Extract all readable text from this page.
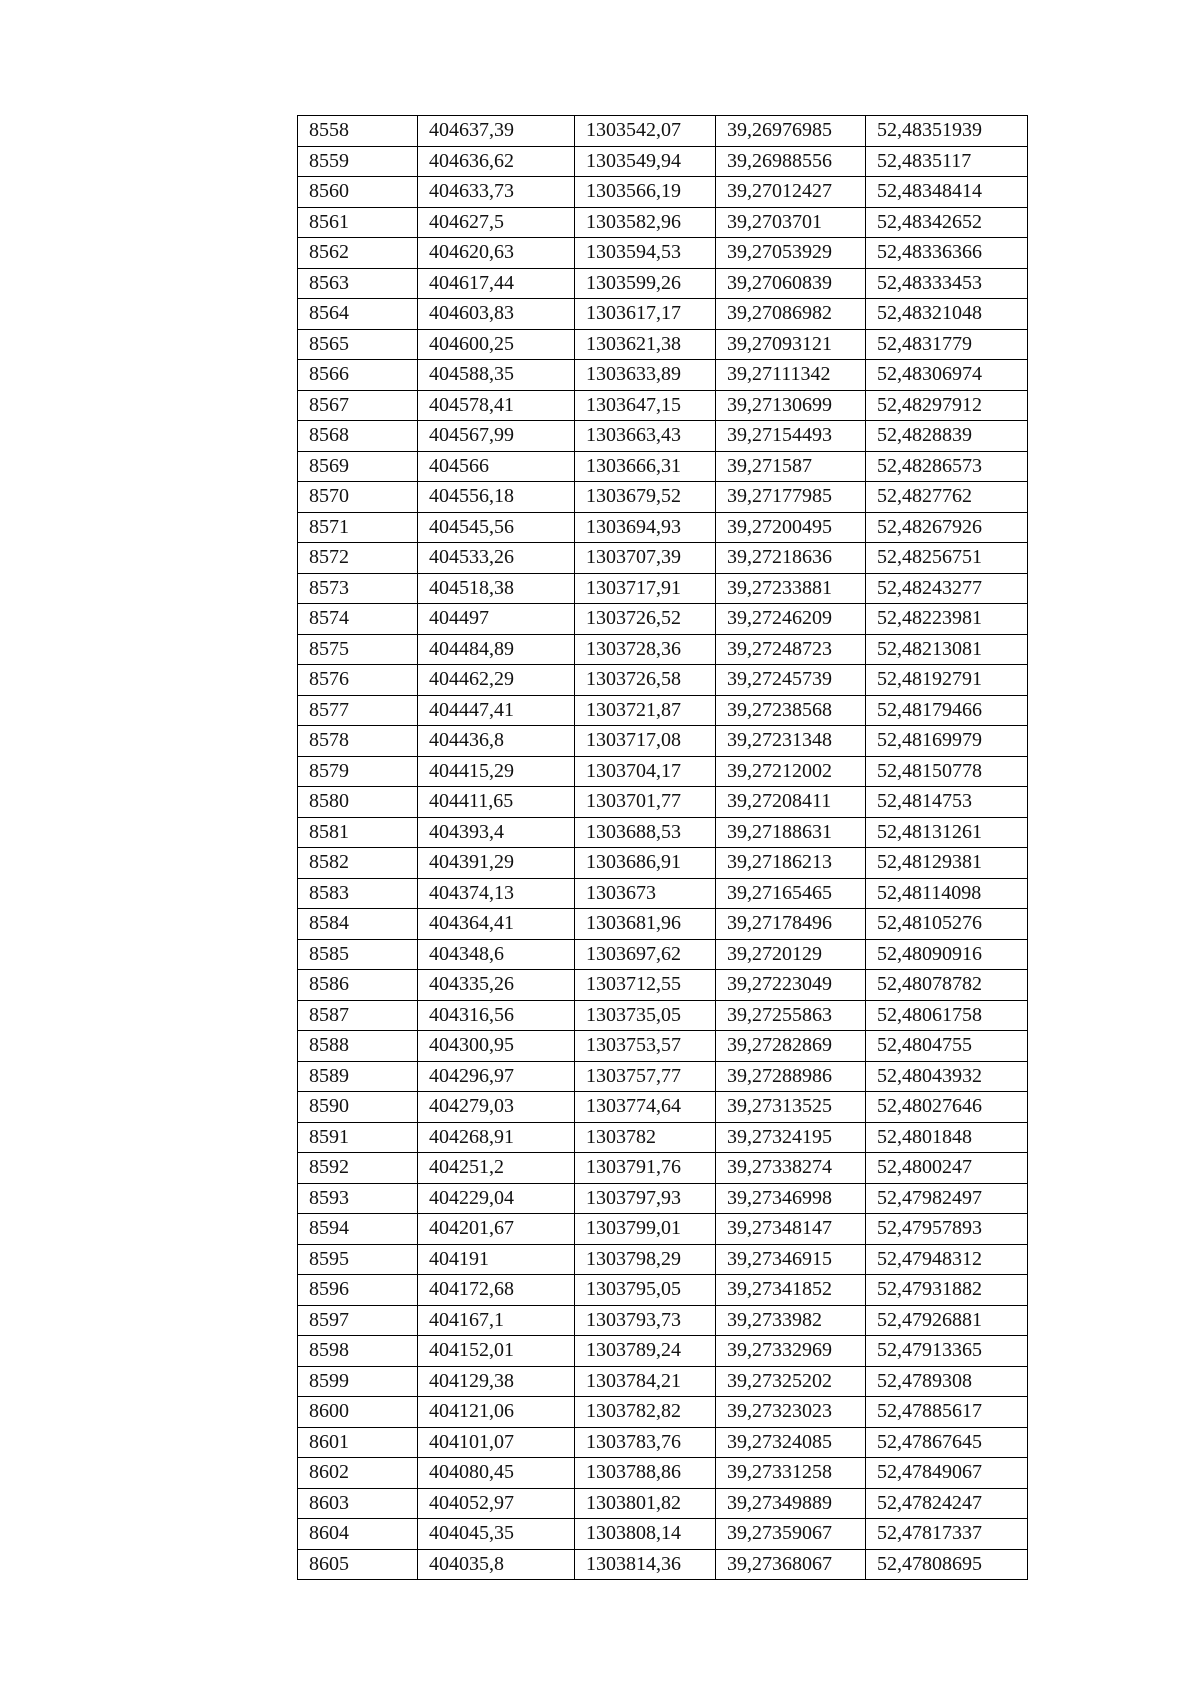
8558	404637,39	1303542,07	39,26976985	52,48351939
8559	404636,62	1303549,94	39,26988556	52,4835117
8560	404633,73	1303566,19	39,27012427	52,48348414
8561	404627,5	1303582,96	39,2703701	52,48342652
8562	404620,63	1303594,53	39,27053929	52,48336366
8563	404617,44	1303599,26	39,27060839	52,48333453
8564	404603,83	1303617,17	39,27086982	52,48321048
8565	404600,25	1303621,38	39,27093121	52,4831779
8566	404588,35	1303633,89	39,27111342	52,48306974
8567	404578,41	1303647,15	39,27130699	52,48297912
8568	404567,99	1303663,43	39,27154493	52,4828839
8569	404566	1303666,31	39,271587	52,48286573
8570	404556,18	1303679,52	39,27177985	52,4827762
8571	404545,56	1303694,93	39,27200495	52,48267926
8572	404533,26	1303707,39	39,27218636	52,48256751
8573	404518,38	1303717,91	39,27233881	52,48243277
8574	404497	1303726,52	39,27246209	52,48223981
8575	404484,89	1303728,36	39,27248723	52,48213081
8576	404462,29	1303726,58	39,27245739	52,48192791
8577	404447,41	1303721,87	39,27238568	52,48179466
8578	404436,8	1303717,08	39,27231348	52,48169979
8579	404415,29	1303704,17	39,27212002	52,48150778
8580	404411,65	1303701,77	39,27208411	52,4814753
8581	404393,4	1303688,53	39,27188631	52,48131261
8582	404391,29	1303686,91	39,27186213	52,48129381
8583	404374,13	1303673	39,27165465	52,48114098
8584	404364,41	1303681,96	39,27178496	52,48105276
8585	404348,6	1303697,62	39,2720129	52,48090916
8586	404335,26	1303712,55	39,27223049	52,48078782
8587	404316,56	1303735,05	39,27255863	52,48061758
8588	404300,95	1303753,57	39,27282869	52,4804755
8589	404296,97	1303757,77	39,27288986	52,48043932
8590	404279,03	1303774,64	39,27313525	52,48027646
8591	404268,91	1303782	39,27324195	52,4801848
8592	404251,2	1303791,76	39,27338274	52,4800247
8593	404229,04	1303797,93	39,27346998	52,47982497
8594	404201,67	1303799,01	39,27348147	52,47957893
8595	404191	1303798,29	39,27346915	52,47948312
8596	404172,68	1303795,05	39,27341852	52,47931882
8597	404167,1	1303793,73	39,2733982	52,47926881
8598	404152,01	1303789,24	39,27332969	52,47913365
8599	404129,38	1303784,21	39,27325202	52,4789308
8600	404121,06	1303782,82	39,27323023	52,47885617
8601	404101,07	1303783,76	39,27324085	52,47867645
8602	404080,45	1303788,86	39,27331258	52,47849067
8603	404052,97	1303801,82	39,27349889	52,47824247
8604	404045,35	1303808,14	39,27359067	52,47817337
8605	404035,8	1303814,36	39,27368067	52,47808695
